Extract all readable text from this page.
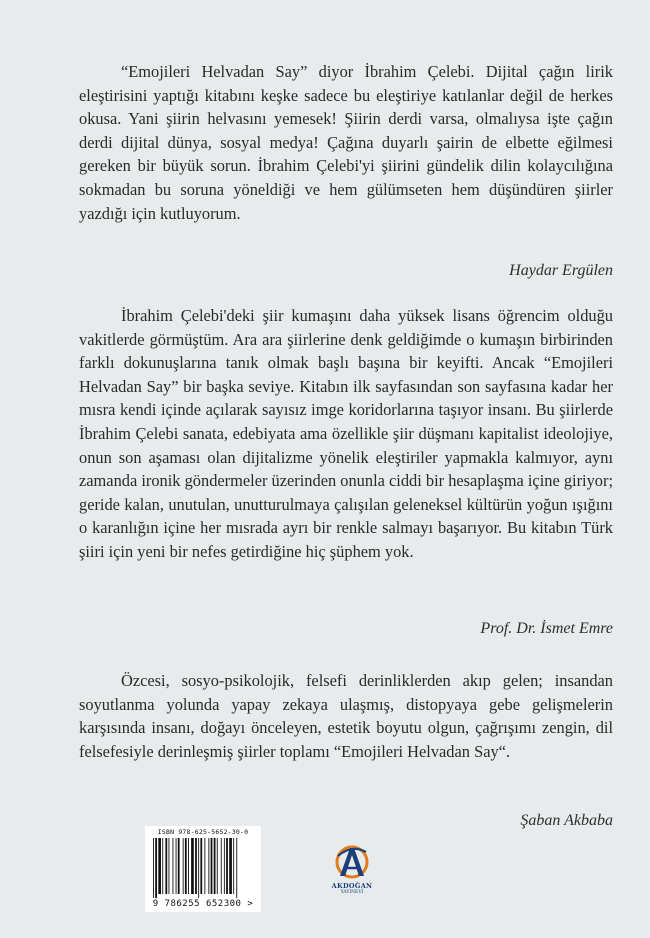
“Emojileri Helvadan Say” diyor İbrahim Çelebi. Dijital çağın lirik eleştirisini yaptığı kitabını keşke sadece bu eleştiriye katılanlar değil de herkes okusa. Yani şiirin helvasını yemesek! Şiirin derdi varsa, olmalıysa işte çağın derdi dijital dünya, sosyal medya! Çağına duyarlı şairin de elbette eğilmesi gereken bir büyük sorun. İbrahim Çelebi'yi şiirini gündelik dilin kolaycılığına sokmadan bu soruna yöneldiği ve hem gülümseten hem düşündüren şiirler yazdığı için kutluyorum.

Haydar Ergülen

İbrahim Çelebi'deki şiir kumaşını daha yüksek lisans öğrencim olduğu vakitlerde görmüştüm. Ara ara şiirlerine denk geldiğimde o kumaşın birbirinden farklı dokunuşlarına tanık olmak başlı başına bir keyifti. Ancak “Emojileri Helvadan Say” bir başka seviye. Kitabın ilk sayfasından son sayfasına kadar her mısra kendi içinde açılarak sayısız imge koridorlarına taşıyor insanı. Bu şiirlerde İbrahim Çelebi sanata, edebiyata ama özellikle şiir düşmanı kapitalist ideolojiye, onun son aşaması olan dijitalizme yönelik eleştiriler yapmakla kalmıyor, aynı zamanda ironik göndermeler üzerinden onunla ciddi bir hesaplaşma içine giriyor; geride kalan, unutulan, unutturulmaya çalışılan geleneksel kültürün yoğun ışığını o karanlığın içine her mısrada ayrı bir renkle salmayı başarıyor. Bu kitabın Türk şiiri için yeni bir nefes getirdiğine hiç şüphem yok.

Prof. Dr. İsmet Emre

Özcesi, sosyo-psikolojik, felsefi derinliklerden akıp gelen; insandan soyutlanma yolunda yapay zekaya ulaşmış, distopyaya gebe gelişmelerin karşısında insanı, doğayı önceleyen, estetik boyutu olgun, çağrışımı zengin, dil felsefesiyle derinleşmiş şiirler toplamı “Emojileri Helvadan Say“.

Şaban Akbaba
ISBN 978-625-5652-30-0
9 786255 652300 >
AKDOĞAN
YAYINEVİ
